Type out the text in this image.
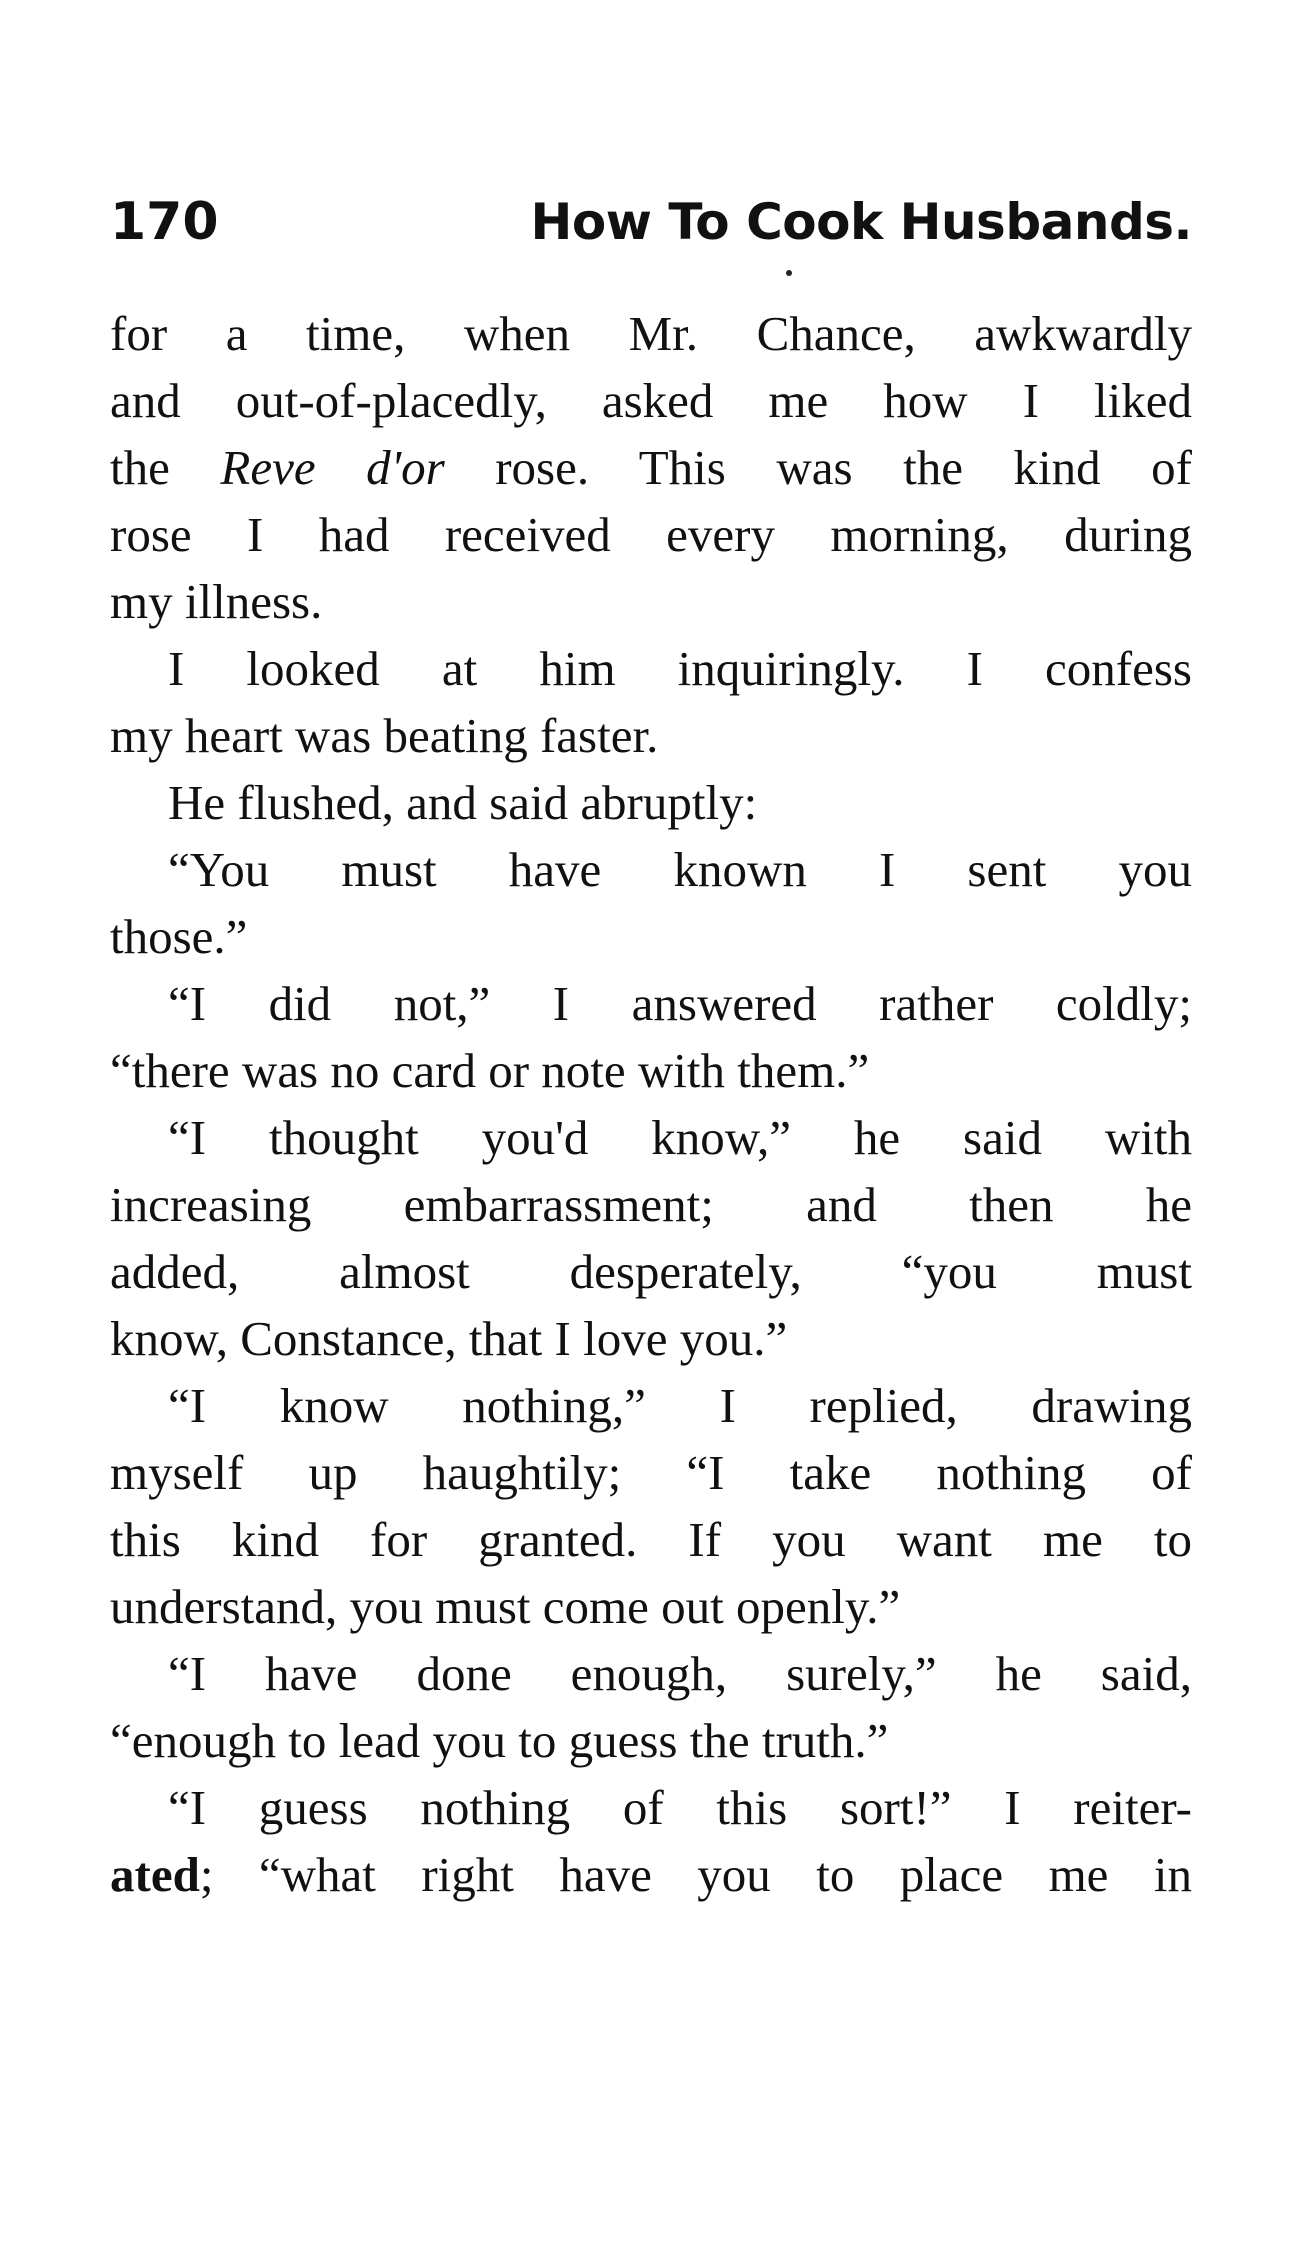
170	How To Cook Husbands.
for a time, when Mr. Chance, awkwardly
and out-of-placedly, asked me how I liked
the Reve d'or rose. This was the kind of
rose I had received every morning, during
my illness.
I looked at him inquiringly. I confess
my heart was beating faster.
He flushed, and said abruptly:
“You must have known I sent you
those.”
“I did not,” I answered rather coldly;
“there was no card or note with them.”
“I thought you'd know,” he said with
increasing embarrassment; and then he
added, almost desperately, “you must
know, Constance, that I love you.”
“I know nothing,” I replied, drawing
myself up haughtily; “I take nothing of
this kind for granted. If you want me to
understand, you must come out openly.”
“I have done enough, surely,” he said,
“enough to lead you to guess the truth.”
“I guess nothing of this sort!” I reiter-
ated; “what right have you to place me in
